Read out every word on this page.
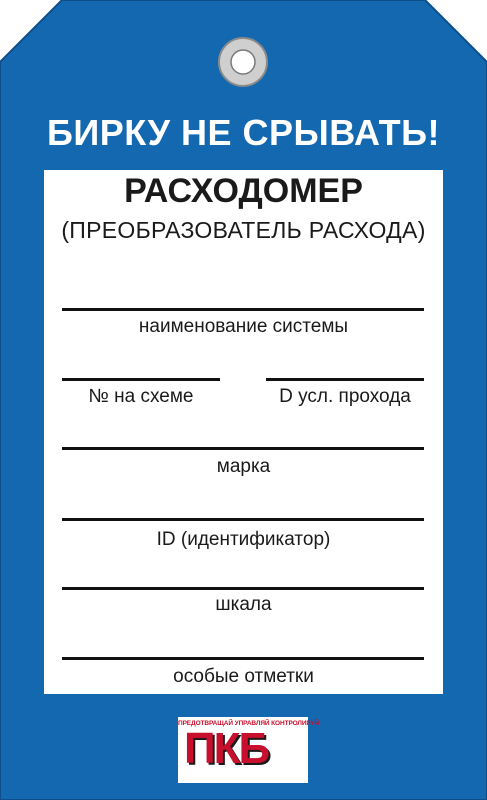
БИРКУ НЕ СРЫВАТЬ!
РАСХОДОМЕР
(ПРЕОБРАЗОВАТЕЛЬ РАСХОДА)
наименование системы
№ на схеме	D усл. прохода
марка
ID (идентификатор)
шкала
особые отметки
ПРЕДОТВРАЩАЙ УПРАВЛЯЙ КОНТРОЛИРУЙ
ПКБ
